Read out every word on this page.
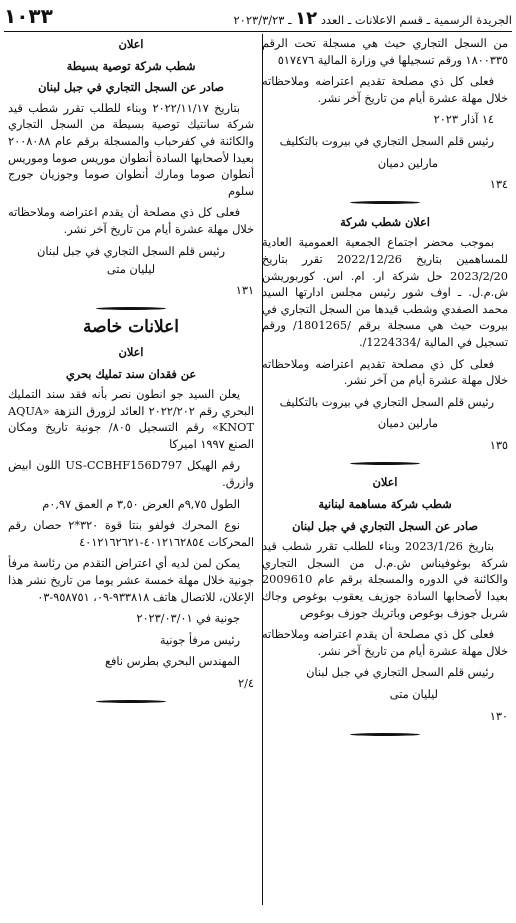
١٠٣٣	الجريدة الرسمية ـ قسم الاعلانات ـ العدد ١٢ ـ ٢٠٢٣/٣/٢٣

من السجل التجاري حيث هي مسجلة تحت الرقم ١٨٠٠٣٣٥ ورقم تسجيلها في وزارة المالية ٥١٧٤٧٦

فعلى كل ذي مصلحة تقديم اعتراضه وملاحظاته خلال مهلة عشرة أيام من تاريخ آخر نشر.

١٤ آذار ٢٠٢٣

رئيس قلم السجل التجاري في بيروت بالتكليف

مارلين دميان

١٣٤

اعلان شطب شركة

بموجب محضر اجتماع الجمعية العمومية العادية للمساهمين بتاريخ 2022/12/26 تقرر بتاريخ 2023/2/20 حل شركة ار. ام. اس. كوربوريشن ش.م.ل. ـ اوف شور رئيس مجلس ادارتها السيد محمد الصفدي وشطب قيدها من السجل التجاري في بيروت حيث هي مسجلة برقم /1801265/ ورقم تسجيل في المالية /1224334/.

فعلى كل ذي مصلحة تقديم اعتراضه وملاحظاته خلال مهلة عشرة أيام من آخر نشر.

رئيس قلم السجل التجاري في بيروت بالتكليف

مارلين دميان

١٣٥

اعلان

شطب شركة مساهمة لبنانية

صادر عن السجل التجاري في جبل لبنان

بتاريخ 2023/1/26 وبناء للطلب تقرر شطب قيد شركة بوغوفيناس ش.م.ل من السجل التجاري والكائنة في الدوره والمسجلة برقم عام 2009610 بعيدا لأصحابها السادة جوزيف يعقوب بوغوص وجاك شربل جوزف بوغوص وباتريك جوزف بوغوص

فعلى كل ذي مصلحة أن يقدم اعتراضه وملاحظاته خلال مهلة عشرة أيام من تاريخ آخر نشر.

رئيس قلم السجل التجاري في جبل لبنان

ليليان متى

١٣٠

اعلان

شطب شركة توصية بسيطة

صادر عن السجل التجاري في جبل لبنان

بتاريخ ٢٠٢٢/١١/١٧ وبناء للطلب تقرر شطب قيد شركة سانتيك توصية بسيطة من السجل التجاري والكائنة في كفرحباب والمسجلة برقم عام ٢٠٠٨٠٨٨ بعيدا لأصحابها السادة أنطوان موريس صوما وموريس أنطوان صوما ومارك أنطوان صوما وجوزيان جورج سلوم

فعلى كل ذي مصلحة أن يقدم اعتراضه وملاحظاته خلال مهلة عشرة أيام من تاريخ آخر نشر.

رئيس قلم السجل التجاري في جبل لبنان

ليليان متى

١٣١

اعلانات خاصة

اعلان

عن فقدان سند تمليك بحري

يعلن السيد جو انطون نصر بأنه فقد سند التمليك البحري رقم ٢٠٢٢/٢٠٢ العائد لزورق النزهة «AQUA KNOT» رقم التسجيل ٨٠٥/ جونية تاريخ ومكان الصنع ١٩٩٧ اميركا

رقم الهيكل US-CCBHF156D797 اللون ابيض وازرق.

الطول ٩,٧٥م العرض ٣,٥٠ م العمق ٠,٩٧م

نوع المحرك فولفو بنتا قوة ٣٢٠*٢ حصان رقم المحركات ٤٠١٢١٦٢٨٥٤-٤٠١٢١٦٢٦٢١

يمكن لمن لديه أي اعتراض التقدم من رئاسة مرفأ جونية خلال مهلة خمسة عشر يوما من تاريخ نشر هذا الإعلان، للاتصال هاتف ٩٣٣٨١٨-٠٩، ٩٥٨٧٥١-٠٣

جونية في ٢٠٢٣/٠٣/٠١

رئيس مرفأ جونية

المهندس البحري بطرس نافع

٢/٤
